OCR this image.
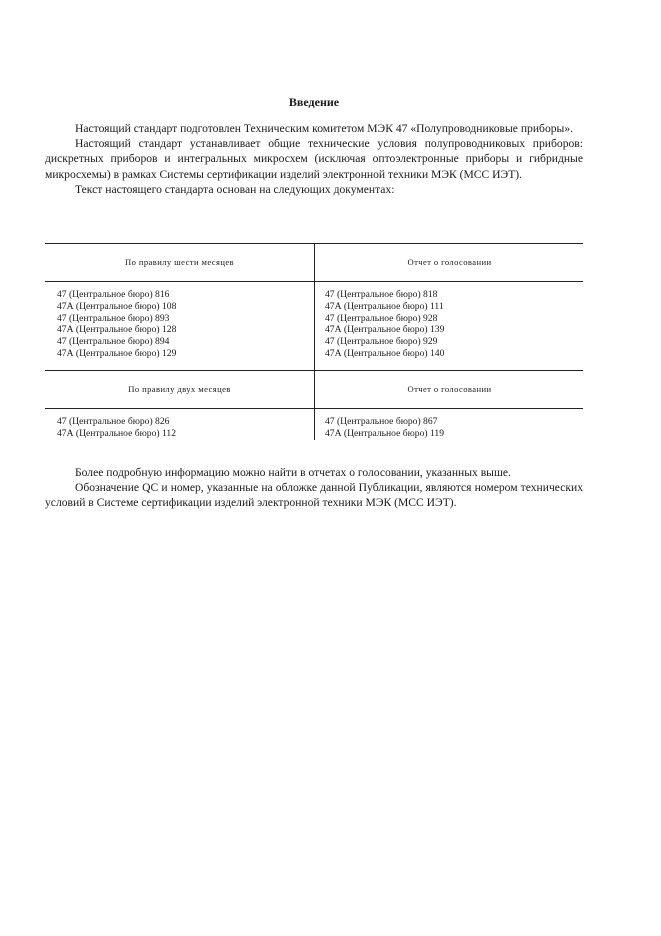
Введение

Настоящий стандарт подготовлен Техническим комитетом МЭК 47 «Полупроводниковые приборы».

Настоящий стандарт устанавливает общие технические условия полупроводниковых приборов: дискретных приборов и интегральных микросхем (исключая оптоэлектронные приборы и гибридные микросхемы) в рамках Системы сертификации изделий электронной техники МЭК (МСС ИЭТ).

Текст настоящего стандарта основан на следующих документах:

По правилу шести месяцев	Отчет о голосовании
47 (Центральное бюро) 816
47А (Центральное бюро) 108
47 (Центральное бюро) 893
47А (Центральное бюро) 128
47 (Центральное бюро) 894
47А (Центральное бюро) 129
47 (Центральное бюро) 818
47А (Центральное бюро) 111
47 (Центральное бюро) 928
47А (Центральное бюро) 139
47 (Центральное бюро) 929
47А (Центральное бюро) 140
По правилу двух месяцев	Отчет о голосовании
47 (Центральное бюро) 826
47А (Центральное бюро) 112
47 (Центральное бюро) 867
47А (Центральное бюро) 119

Более подробную информацию можно найти в отчетах о голосовании, указанных выше.

Обозначение QC и номер, указанные на обложке данной Публикации, являются номером технических условий в Системе сертификации изделий электронной техники МЭК (МСС ИЭТ).
